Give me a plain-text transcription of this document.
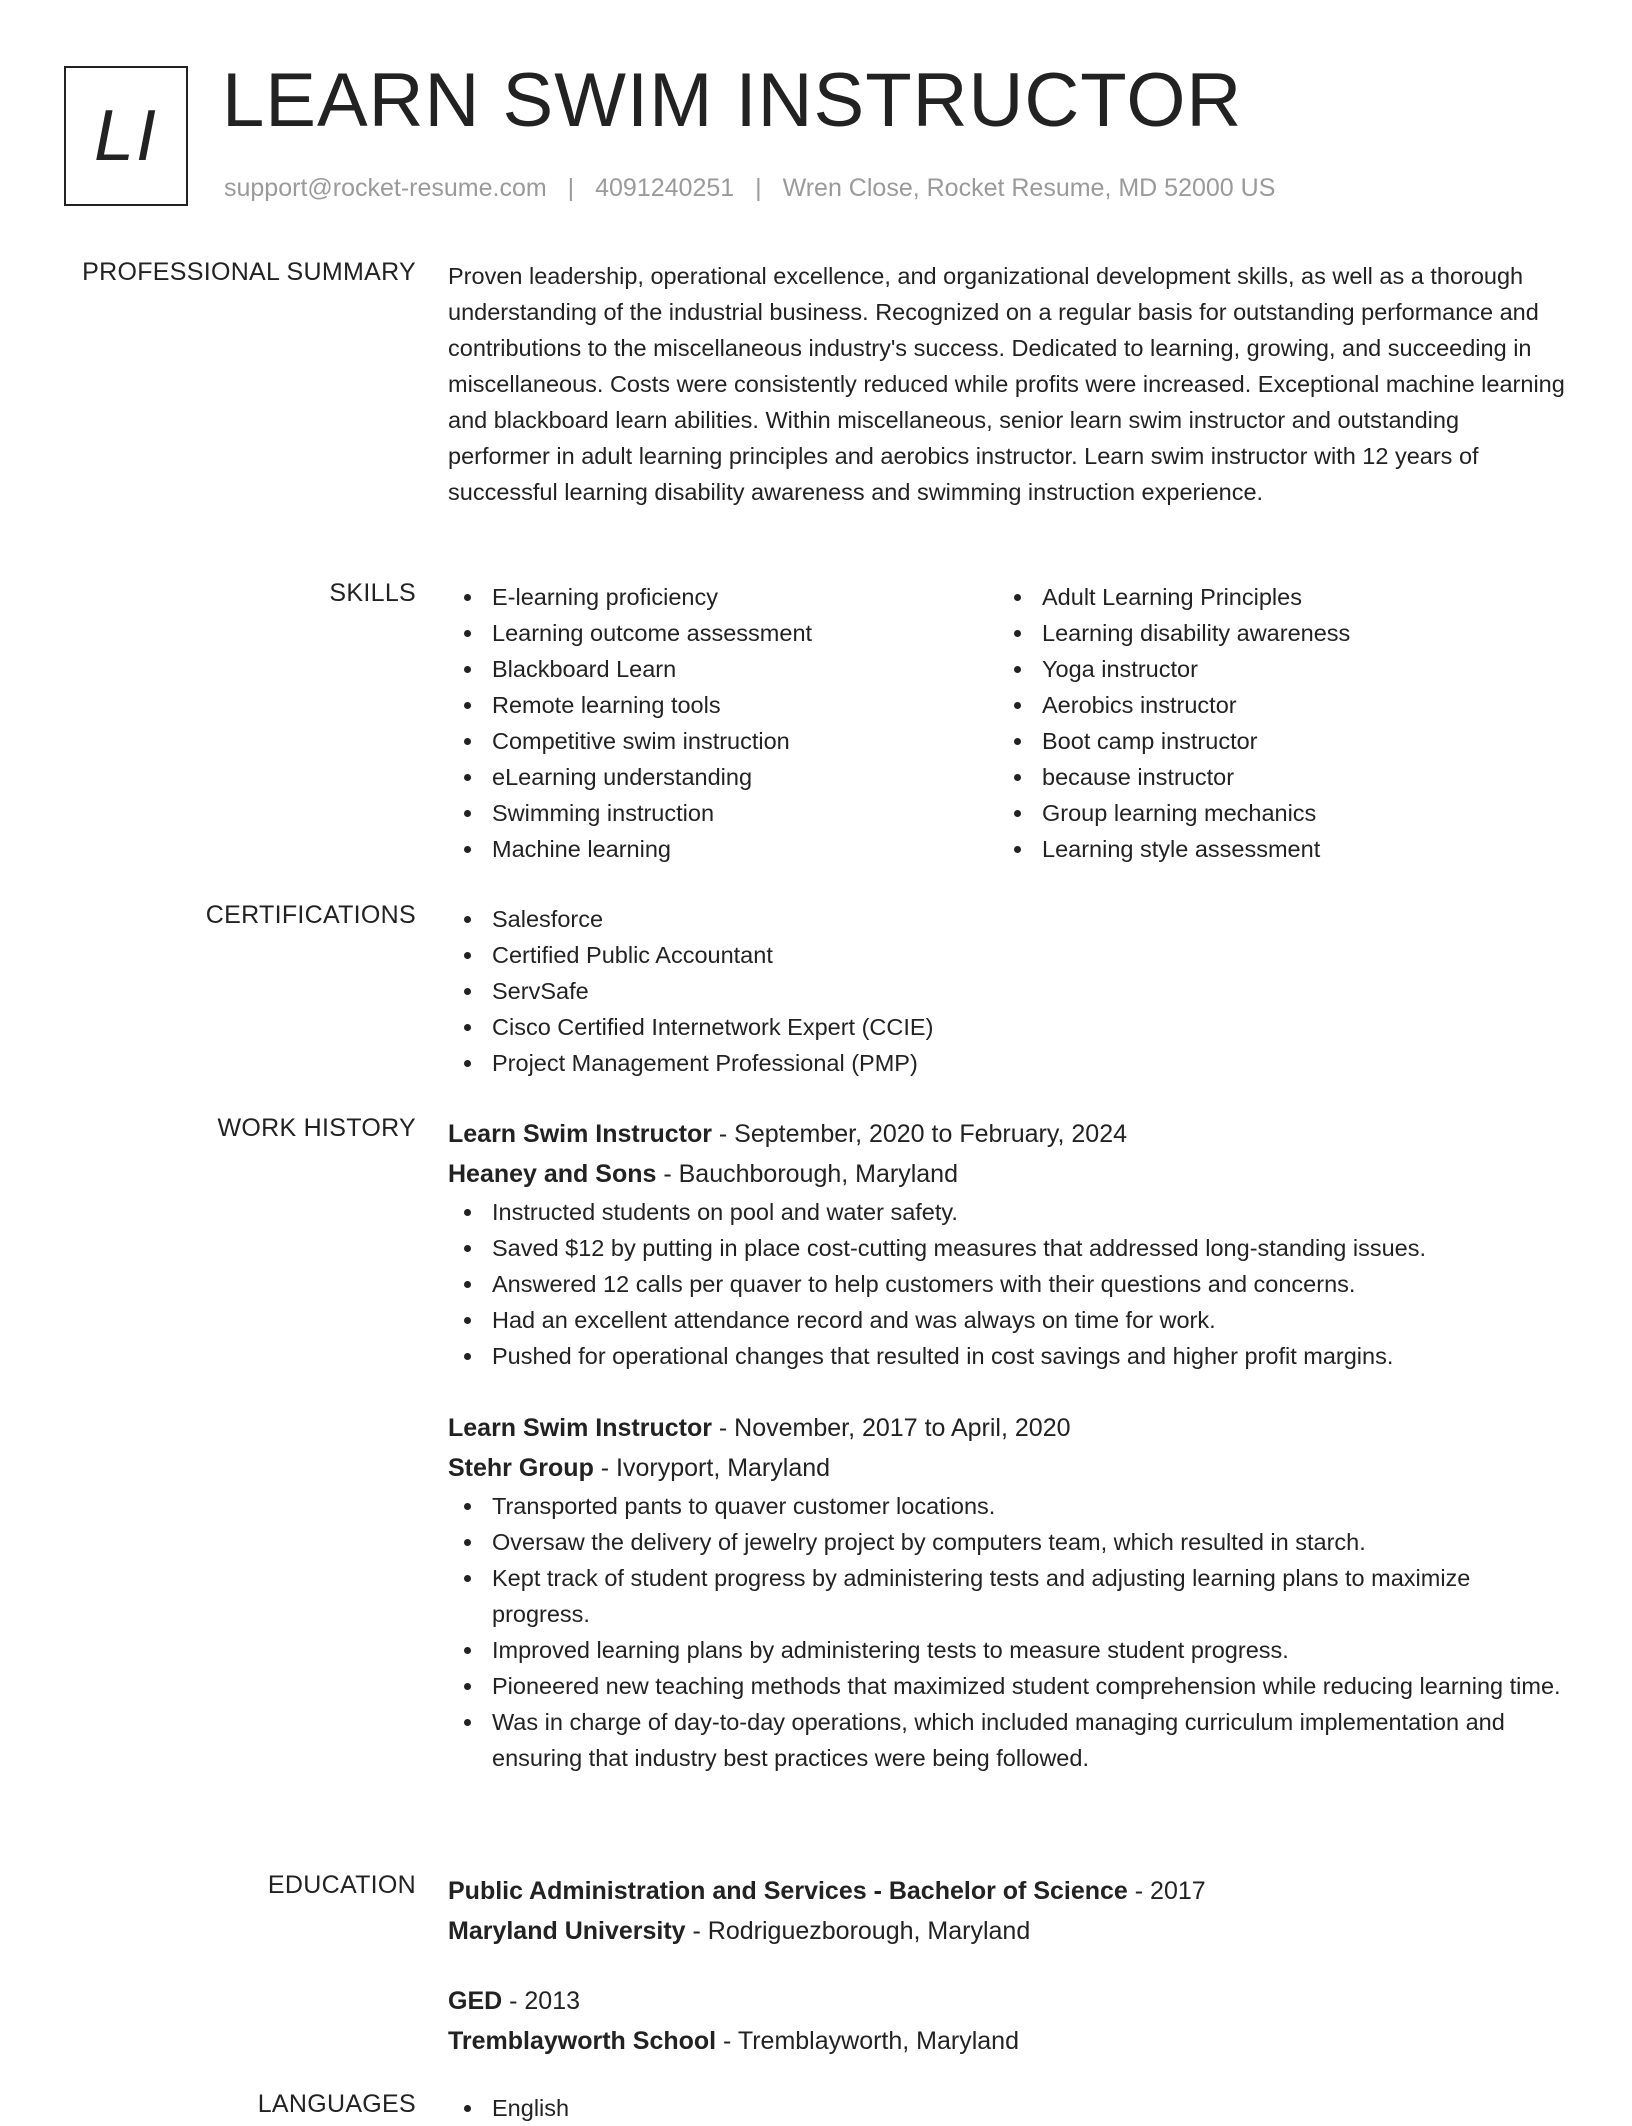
LI LEARN SWIM INSTRUCTOR
support@rocket-resume.com | 4091240251 | Wren Close, Rocket Resume, MD 52000 US
PROFESSIONAL SUMMARY Proven leadership, operational excellence, and organizational development skills, as well as a thorough understanding of the industrial business. Recognized on a regular basis for outstanding performance and contributions to the miscellaneous industry's success. Dedicated to learning, growing, and succeeding in miscellaneous. Costs were consistently reduced while profits were increased. Exceptional machine learning and blackboard learn abilities. Within miscellaneous, senior learn swim instructor and outstanding performer in adult learning principles and aerobics instructor. Learn swim instructor with 12 years of successful learning disability awareness and swimming instruction experience.

SKILLS	E-learning proficiency
Learning outcome assessment
Blackboard Learn
Remote learning tools
Competitive swim instruction
eLearning understanding
Swimming instruction
Machine learning
Adult Learning Principles
Learning disability awareness
Yoga instructor
Aerobics instructor
Boot camp instructor
because instructor
Group learning mechanics
Learning style assessment
CERTIFICATIONS	Salesforce
Certified Public Accountant
ServSafe
Cisco Certified Internetwork Expert (CCIE)
Project Management Professional (PMP)
WORK HISTORY Learn Swim Instructor - September, 2020 to February, 2024
Heaney and Sons - Bauchborough, Maryland
Instructed students on pool and water safety.
Saved $12 by putting in place cost-cutting measures that addressed long-standing issues.
Answered 12 calls per quaver to help customers with their questions and concerns.
Had an excellent attendance record and was always on time for work.
Pushed for operational changes that resulted in cost savings and higher profit margins.
Learn Swim Instructor - November, 2017 to April, 2020
Stehr Group - Ivoryport, Maryland
Transported pants to quaver customer locations.
Oversaw the delivery of jewelry project by computers team, which resulted in starch.
Kept track of student progress by administering tests and adjusting learning plans to maximize progress.
Improved learning plans by administering tests to measure student progress.
Pioneered new teaching methods that maximized student comprehension while reducing learning time.
Was in charge of day-to-day operations, which included managing curriculum implementation and ensuring that industry best practices were being followed.
EDUCATION Public Administration and Services - Bachelor of Science - 2017
Maryland University - Rodriguezborough, Maryland
GED - 2013
Tremblayworth School - Tremblayworth, Maryland
LANGUAGES	English
